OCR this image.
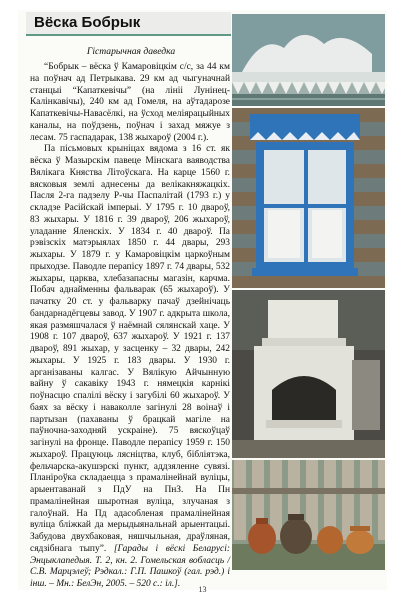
Вёска Бобрык
Гістарычная даведка

“Бобрык – вёска ў Камаровіцкім с/с, за 44 км на поўнач ад Петрыкава. 29 км ад чыгуначнай станцыі “Капаткевічы” (на лініі Лунінец-Калінкавічы), 240 км ад Гомеля, на аўтадарозе Капаткевічы-Навасёлкі, на ўсход меліярацыйных каналы, на поўдзень, поўнач і захад мяжуе з лесам. 75 гаспадарак, 138 жыхароў (2004 г.).

Па пісьмовых крыніцах вядома з 16 ст. як вёска ў Мазырскім павеце Мінскага ваяводства Вялікага Княства Літоўскага. На карце 1560 г. вясковыя землі аднесены да велікакняжацкіх. Пасля 2-га падзелу Р-чы Паспалітай (1793 г.) у складзе Расійскай імперыі. У 1795 г. 10 двароў, 83 жыхары. У 1816 г. 39 двароў, 206 жыхароў, уладанне Яленскіх. У 1834 г. 40 двароў. Па рэвізскіх матэрыялах 1850 г. 44 двары, 293 жыхары. У 1879 г. у Камаровіцкім царкоўным прыходзе. Паводле перапісу 1897 г. 74 двары, 532 жыхары, царква, хлебазапасны магазін, карчма. Побач аднайменны фальварак (65 жыхароў). У пачатку 20 ст. у фальварку пачаў дзейнічаць бандарнадёгцевы завод. У 1907 г. адкрыта школа, якая размяшчалася ў наёмнай сялянскай хаце. У 1908 г. 107 двароў, 637 жыхароў. У 1921 г. 137 двароў, 891 жыхар, у засценку – 32 двары, 242 жыхары. У 1925 г. 183 двары. У 1930 г. арганізаваны калгас. У Вялікую Айчынную вайну ў сакавіку 1943 г. нямецкія карнікі поўнасцю спалілі вёску і загубілі 60 жыхароў. У баях за вёску і наваколле загінулі 28 воінаў і партызан (пахаваны ў брацкай магіле на паўночна-заходняй ускраіне). 75 вяскоўцаў загінулі на фронце. Паводле перапісу 1959 г. 150 жыхароў. Працуюць лясніцтва, клуб, бібліятэка, фельчарска-акушэрскі пункт, аддзяленне сувязі. Планіроўка складаецца з прамалінейнай вуліцы, арыентаванай з ПдУ на ПнЗ. На Пн прамалінейная шыротная вуліца, злучаная з галоўнай. На Пд адасобленая прамалінейная вуліца бліжкай да мерыдыянальнай арыентацыі. Забудова двухбаковая, няшчыльная, драўляная, сядзібнага тыпу”. [Гарады і вёскі Беларусі: Энцыклапедыя. Т. 2, кн. 2. Гомельская вобласць / С.В. Марцэлеў; Рэдкал.: Г.П. Пашкоў (гал. рэд.) і інш. – Мн.: БелЭн, 2005. – 520 с.: іл.].

13
